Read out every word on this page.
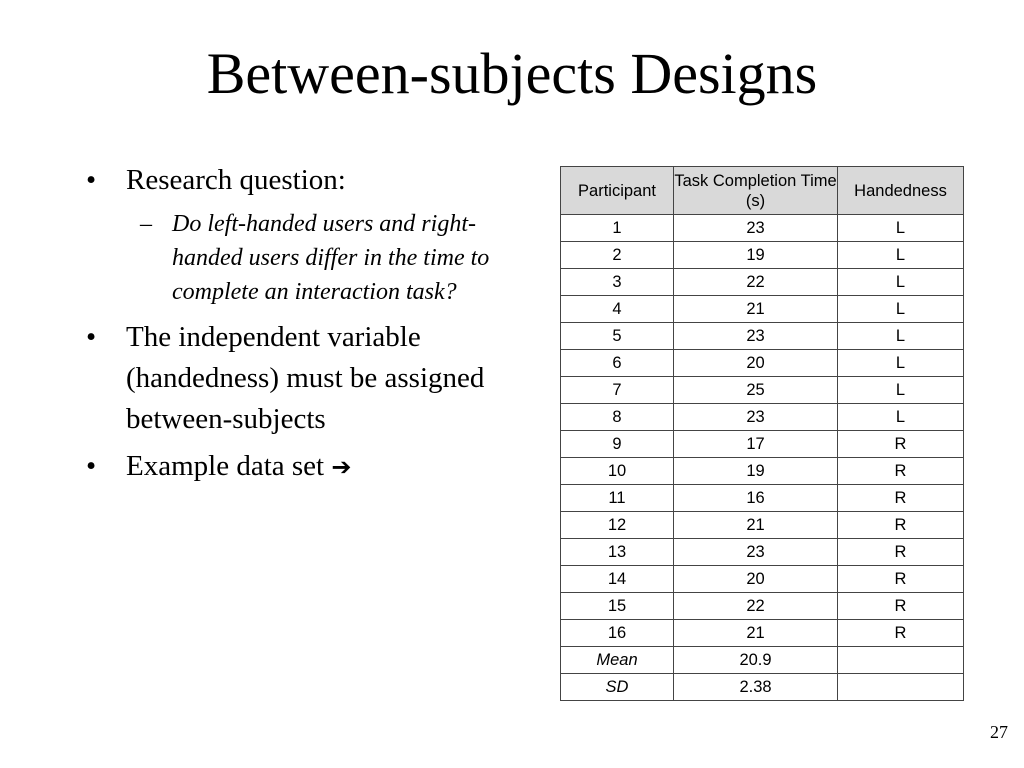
Between-subjects Designs
• Research question:
– Do left-handed users and right-handed users differ in the time to complete an interaction task?
• The independent variable (handedness) must be assigned between-subjects
• Example data set ➔
Participant	Task Completion Time (s)	Handedness
1	23	L
2	19	L
3	22	L
4	21	L
5	23	L
6	20	L
7	25	L
8	23	L
9	17	R
10	19	R
11	16	R
12	21	R
13	23	R
14	20	R
15	22	R
16	21	R
Mean	20.9	
SD	2.38	
27
